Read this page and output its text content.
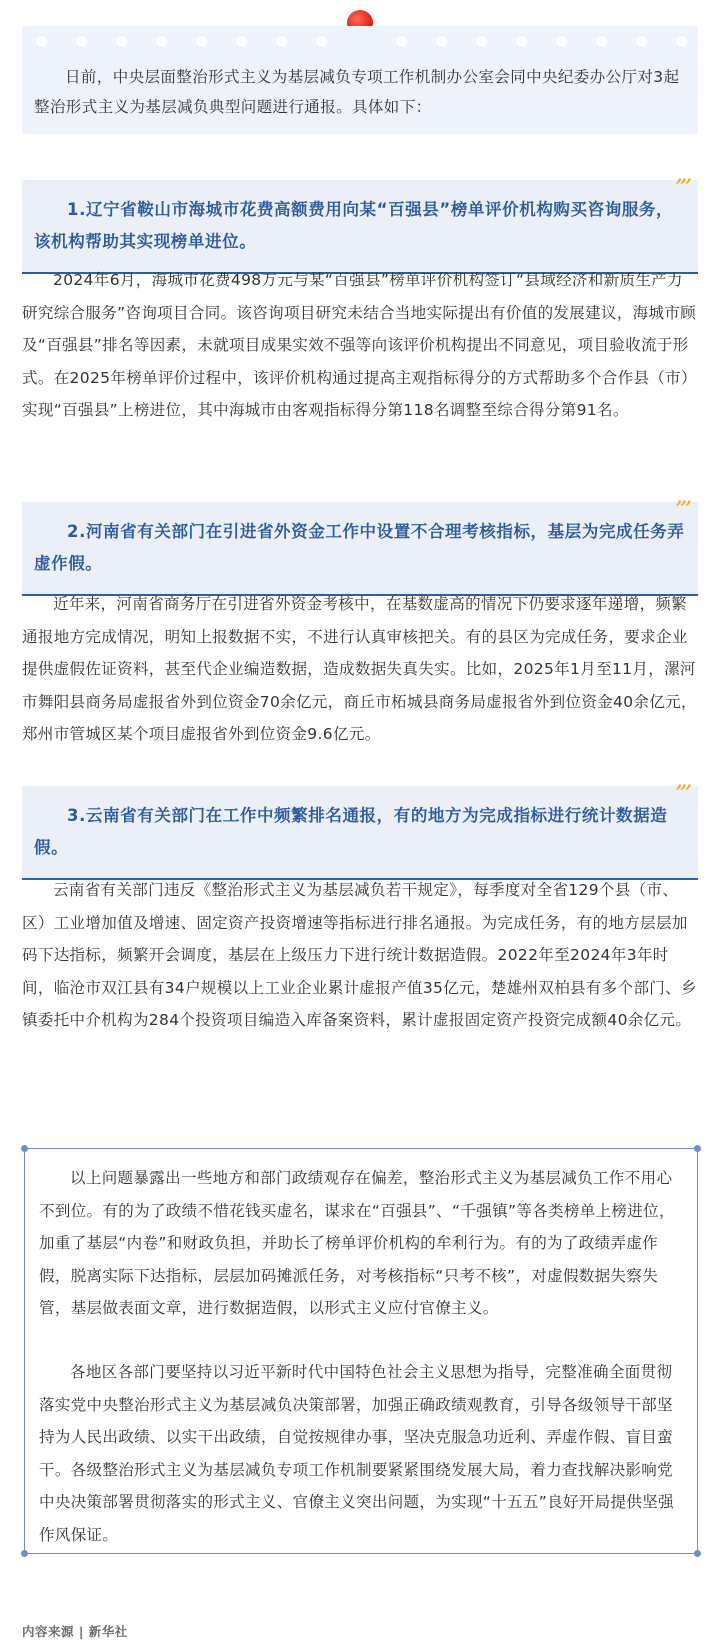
日前，中央层面整治形式主义为基层减负专项工作机制办公室会同中央纪委办公厅对3起整治形式主义为基层减负典型问题进行通报。具体如下：
”’
1.辽宁省鞍山市海城市花费高额费用向某“百强县”榜单评价机构购买咨询服务，该机构帮助其实现榜单进位。

2024年6月，海城市花费498万元与某“百强县”榜单评价机构签订“县域经济和新质生产力研究综合服务”咨询项目合同。该咨询项目研究未结合当地实际提出有价值的发展建议，海城市顾及“百强县”排名等因素，未就项目成果实效不强等向该评价机构提出不同意见，项目验收流于形式。在2025年榜单评价过程中，该评价机构通过提高主观指标得分的方式帮助多个合作县（市）实现“百强县”上榜进位，其中海城市由客观指标得分第118名调整至综合得分第91名。

”’
2.河南省有关部门在引进省外资金工作中设置不合理考核指标，基层为完成任务弄虚作假。

近年来，河南省商务厅在引进省外资金考核中，在基数虚高的情况下仍要求逐年递增，频繁通报地方完成情况，明知上报数据不实，不进行认真审核把关。有的县区为完成任务，要求企业提供虚假佐证资料，甚至代企业编造数据，造成数据失真失实。比如，2025年1月至11月，漯河市舞阳县商务局虚报省外到位资金70余亿元，商丘市柘城县商务局虚报省外到位资金40余亿元，郑州市管城区某个项目虚报省外到位资金9.6亿元。

”’
3.云南省有关部门在工作中频繁排名通报，有的地方为完成指标进行统计数据造假。

云南省有关部门违反《整治形式主义为基层减负若干规定》，每季度对全省129个县（市、区）工业增加值及增速、固定资产投资增速等指标进行排名通报。为完成任务，有的地方层层加码下达指标，频繁开会调度，基层在上级压力下进行统计数据造假。2022年至2024年3年时间，临沧市双江县有34户规模以上工业企业累计虚报产值35亿元，楚雄州双柏县有多个部门、乡镇委托中介机构为284个投资项目编造入库备案资料，累计虚报固定资产投资完成额40余亿元。

以上问题暴露出一些地方和部门政绩观存在偏差，整治形式主义为基层减负工作不用心不到位。有的为了政绩不惜花钱买虚名，谋求在“百强县”、“千强镇”等各类榜单上榜进位，加重了基层“内卷”和财政负担，并助长了榜单评价机构的牟利行为。有的为了政绩弄虚作假，脱离实际下达指标，层层加码摊派任务，对考核指标“只考不核”，对虚假数据失察失管，基层做表面文章，进行数据造假，以形式主义应付官僚主义。

各地区各部门要坚持以习近平新时代中国特色社会主义思想为指导，完整准确全面贯彻落实党中央整治形式主义为基层减负决策部署，加强正确政绩观教育，引导各级领导干部坚持为人民出政绩、以实干出政绩，自觉按规律办事，坚决克服急功近利、弄虚作假、盲目蛮干。各级整治形式主义为基层减负专项工作机制要紧紧围绕发展大局，着力查找解决影响党中央决策部署贯彻落实的形式主义、官僚主义突出问题，为实现“十五五”良好开局提供坚强作风保证。

内容来源 | 新华社
